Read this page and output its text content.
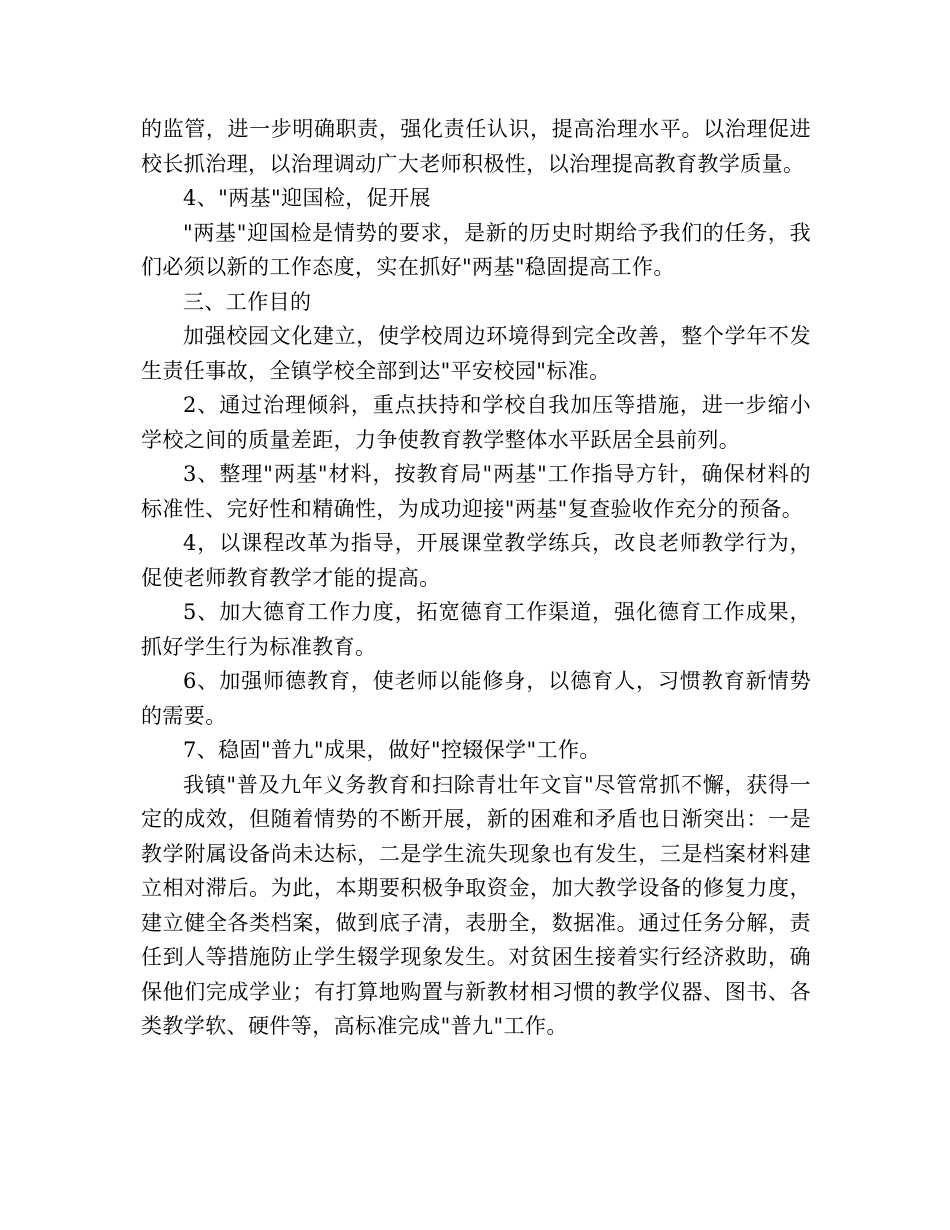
的监管，进一步明确职责，强化责任认识，提高治理水平。以治理促进校长抓治理，以治理调动广大老师积极性，以治理提高教育教学质量。

4、"两基"迎国检，促开展

"两基"迎国检是情势的要求，是新的历史时期给予我们的任务，我们必须以新的工作态度，实在抓好"两基"稳固提高工作。

三、工作目的

加强校园文化建立，使学校周边环境得到完全改善，整个学年不发生责任事故，全镇学校全部到达"平安校园"标准。

2、通过治理倾斜，重点扶持和学校自我加压等措施，进一步缩小学校之间的质量差距，力争使教育教学整体水平跃居全县前列。

3、整理"两基"材料，按教育局"两基"工作指导方针，确保材料的标准性、完好性和精确性，为成功迎接"两基"复查验收作充分的预备。

4，以课程改革为指导，开展课堂教学练兵，改良老师教学行为，促使老师教育教学才能的提高。

5、加大德育工作力度，拓宽德育工作渠道，强化德育工作成果，抓好学生行为标准教育。

6、加强师德教育，使老师以能修身，以德育人，习惯教育新情势的需要。

7、稳固"普九"成果，做好"控辍保学"工作。

我镇"普及九年义务教育和扫除青壮年文盲"尽管常抓不懈，获得一定的成效，但随着情势的不断开展，新的困难和矛盾也日渐突出：一是教学附属设备尚未达标，二是学生流失现象也有发生，三是档案材料建立相对滞后。为此，本期要积极争取资金，加大教学设备的修复力度，建立健全各类档案，做到底子清，表册全，数据准。通过任务分解，责任到人等措施防止学生辍学现象发生。对贫困生接着实行经济救助，确保他们完成学业；有打算地购置与新教材相习惯的教学仪器、图书、各类教学软、硬件等，高标准完成"普九"工作。
